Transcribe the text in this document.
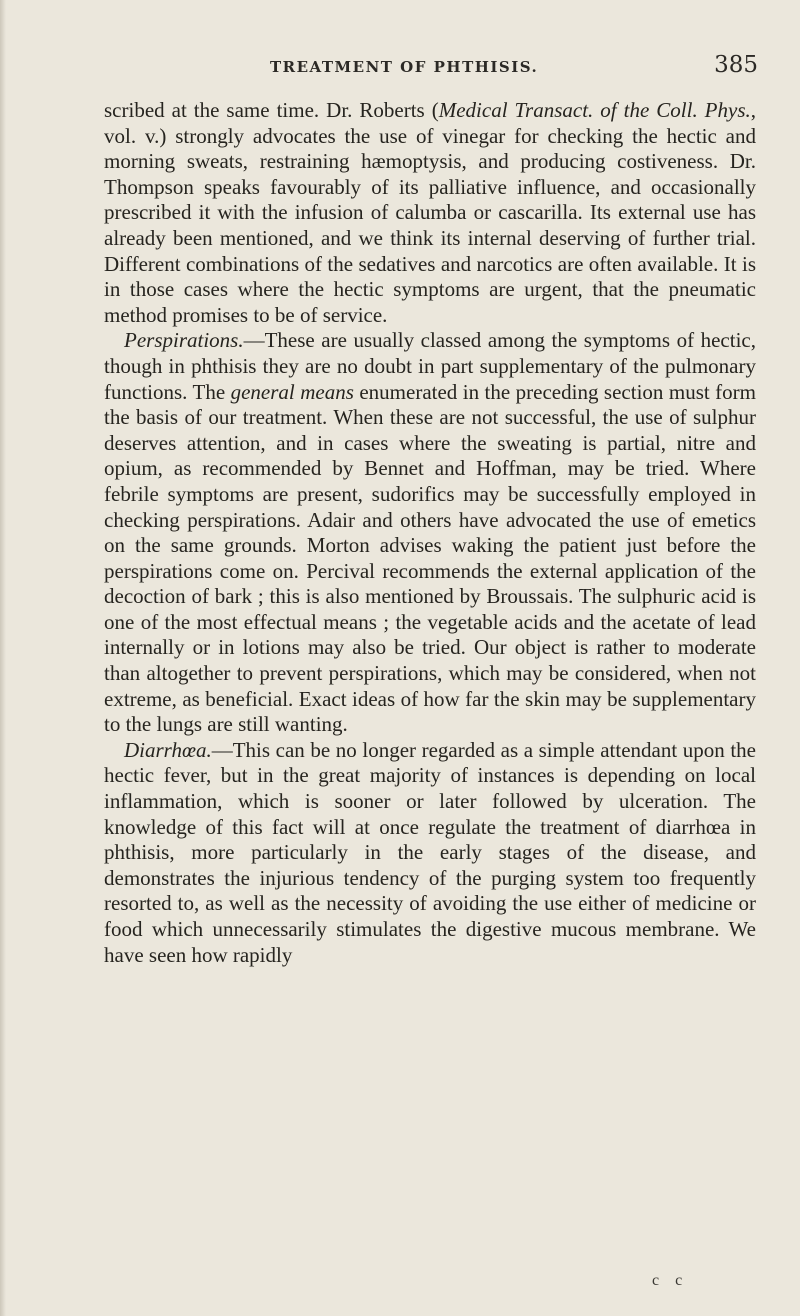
TREATMENT OF PHTHISIS.	385

scribed at the same time. Dr. Roberts (Medical Transact. of the Coll. Phys., vol. v.) strongly advocates the use of vinegar for checking the hectic and morning sweats, restraining hæmoptysis, and producing costiveness. Dr. Thompson speaks favourably of its palliative influence, and occasionally prescribed it with the infusion of calumba or cascarilla. Its external use has already been mentioned, and we think its internal deserving of further trial. Different combinations of the sedatives and narcotics are often available. It is in those cases where the hectic symptoms are urgent, that the pneumatic method promises to be of service.

Perspirations.—These are usually classed among the symptoms of hectic, though in phthisis they are no doubt in part supplementary of the pulmonary functions. The general means enumerated in the preceding section must form the basis of our treatment. When these are not successful, the use of sulphur deserves attention, and in cases where the sweating is partial, nitre and opium, as recommended by Bennet and Hoffman, may be tried. Where febrile symptoms are present, sudorifics may be successfully employed in checking perspirations. Adair and others have advocated the use of emetics on the same grounds. Morton advises waking the patient just before the perspirations come on. Percival recommends the external application of the decoction of bark ; this is also mentioned by Broussais. The sulphuric acid is one of the most effectual means ; the vegetable acids and the acetate of lead internally or in lotions may also be tried. Our object is rather to moderate than altogether to prevent perspirations, which may be considered, when not extreme, as beneficial. Exact ideas of how far the skin may be supplementary to the lungs are still wanting.

Diarrhœa.—This can be no longer regarded as a simple attendant upon the hectic fever, but in the great majority of instances is depending on local inflammation, which is sooner or later followed by ulceration. The knowledge of this fact will at once regulate the treatment of diarrhœa in phthisis, more particularly in the early stages of the disease, and demonstrates the injurious tendency of the purging system too frequently resorted to, as well as the necessity of avoiding the use either of medicine or food which unnecessarily stimulates the digestive mucous membrane. We have seen how rapidly

c c
